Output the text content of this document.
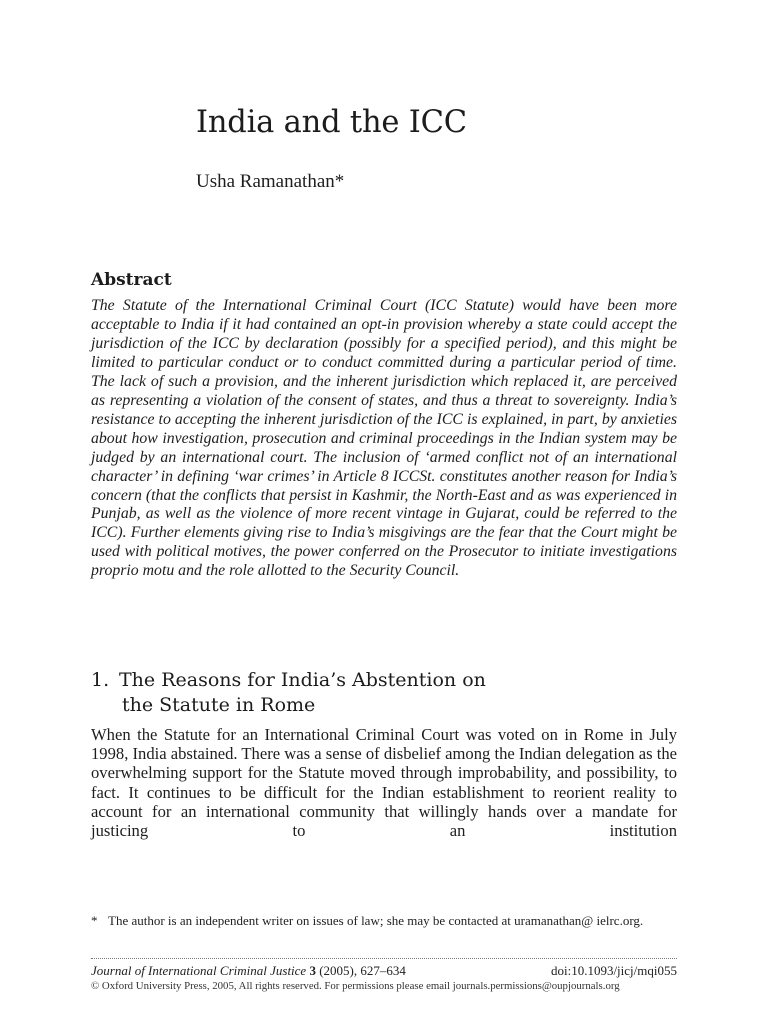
India and the ICC

Usha Ramanathan*

Abstract

The Statute of the International Criminal Court (ICC Statute) would have been more acceptable to India if it had contained an opt-in provision whereby a state could accept the jurisdiction of the ICC by declaration (possibly for a specified period), and this might be limited to particular conduct or to conduct committed during a particular period of time. The lack of such a provision, and the inherent jurisdiction which replaced it, are perceived as representing a violation of the consent of states, and thus a threat to sovereignty. India’s resistance to accepting the inherent jurisdiction of the ICC is explained, in part, by anxieties about how investigation, prosecution and criminal proceedings in the Indian system may be judged by an international court. The inclusion of ‘armed conflict not of an international character’ in defining ‘war crimes’ in Article 8 ICCSt. constitutes another reason for India’s concern (that the conflicts that persist in Kashmir, the North-East and as was experienced in Punjab, as well as the violence of more recent vintage in Gujarat, could be referred to the ICC). Further elements giving rise to India’s misgivings are the fear that the Court might be used with political motives, the power conferred on the Prosecutor to initiate investigations proprio motu and the role allotted to the Security Council.

1. The Reasons for India’s Abstention on
the Statute in Rome

When the Statute for an International Criminal Court was voted on in Rome in July 1998, India abstained. There was a sense of disbelief among the Indian delegation as the overwhelming support for the Statute moved through improbability, and possibility, to fact. It continues to be difficult for the Indian establishment to reorient reality to account for an international community that willingly hands over a mandate for justicing to an institution

* The author is an independent writer on issues of law; she may be contacted at uramanathan@ ielrc.org.
Journal of International Criminal Justice 3 (2005), 627–634	doi:10.1093/jicj/mqi055

© Oxford University Press, 2005, All rights reserved. For permissions please email journals.permissions@oupjournals.org
